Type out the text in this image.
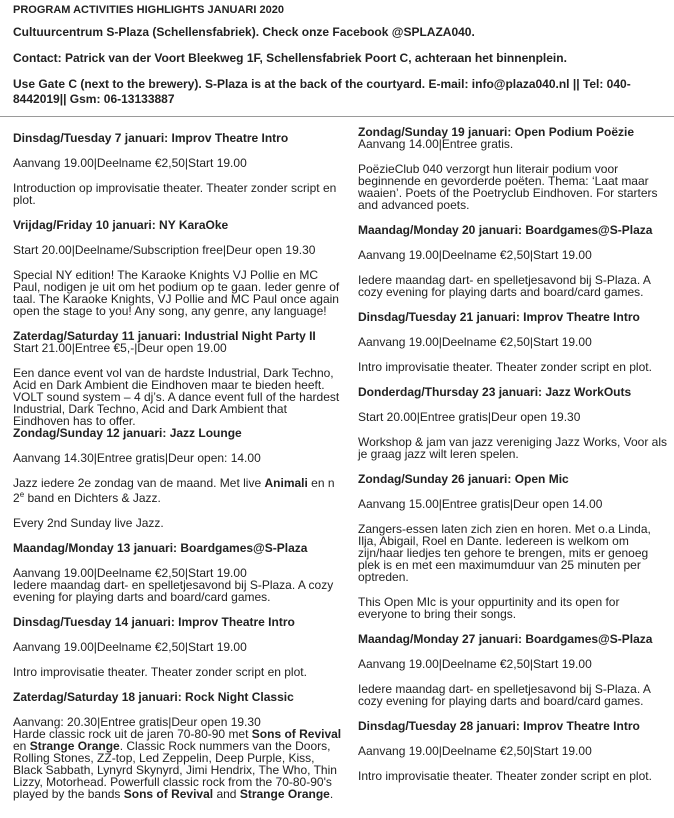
PROGRAM ACTIVITIES HIGHLIGHTS JANUARI 2020

Cultuurcentrum S-Plaza (Schellensfabriek). Check onze Facebook @SPLAZA040.

Contact: Patrick van der Voort Bleekweg 1F, Schellensfabriek Poort C, achteraan het binnenplein.

Use Gate C (next to the brewery). S-Plaza is at the back of the courtyard. E-mail: info@plaza040.nl || Tel: 040-8442019|| Gsm: 06-13133887

Dinsdag/Tuesday 7 januari: Improv Theatre Intro

Aanvang 19.00|Deelname €2,50|Start 19.00

Introduction op improvisatie theater. Theater zonder script en plot.

Vrijdag/Friday 10 januari: NY KaraOke

Start 20.00|Deelname/Subscription free|Deur open 19.30

Special NY edition! The Karaoke Knights VJ Pollie en MC Paul, nodigen je uit om het podium op te gaan. Ieder genre of taal. The Karaoke Knights, VJ Pollie and MC Paul once again open the stage to you! Any song, any genre, any language!

Zaterdag/Saturday 11 januari: Industrial Night Party II

Start 21.00|Entree €5,-|Deur open 19.00

Een dance event vol van de hardste Industrial, Dark Techno, Acid en Dark Ambient die Eindhoven maar te bieden heeft. VOLT sound system – 4 dj’s. A dance event full of the hardest Industrial, Dark Techno, Acid and Dark Ambient that Eindhoven has to offer.

Zondag/Sunday 12 januari: Jazz Lounge

Aanvang 14.30|Entree gratis|Deur open: 14.00

Jazz iedere 2e zondag van de maand. Met live Animali en n 2e band en Dichters & Jazz.

Every 2nd Sunday live Jazz.

Maandag/Monday 13 januari: Boardgames@S-Plaza

Aanvang 19.00|Deelname €2,50|Start 19.00

Iedere maandag dart- en spelletjesavond bij S-Plaza. A cozy evening for playing darts and board/card games.

Dinsdag/Tuesday 14 januari: Improv Theatre Intro

Aanvang 19.00|Deelname €2,50|Start 19.00

Intro improvisatie theater. Theater zonder script en plot.

Zaterdag/Saturday 18 januari: Rock Night Classic

Aanvang: 20.30|Entree gratis|Deur open 19.30

Harde classic rock uit de jaren 70-80-90 met Sons of Revival en Strange Orange. Classic Rock nummers van the Doors, Rolling Stones, ZZ-top, Led Zeppelin, Deep Purple, Kiss, Black Sabbath, Lynyrd Skynyrd, Jimi Hendrix, The Who, Thin Lizzy, Motorhead. Powerfull classic rock from the 70-80-90's played by the bands Sons of Revival and Strange Orange.

Zondag/Sunday 19 januari: Open Podium Poëzie

Aanvang 14.00|Entree gratis.

PoëzieClub 040 verzorgt hun literair podium voor beginnende en gevorderde poëten. Thema: ‘Laat maar waaien’. Poets of the Poetryclub Eindhoven. For starters and advanced poets.

Maandag/Monday 20 januari: Boardgames@S-Plaza

Aanvang 19.00|Deelname €2,50|Start 19.00

Iedere maandag dart- en spelletjesavond bij S-Plaza. A cozy evening for playing darts and board/card games.

Dinsdag/Tuesday 21 januari: Improv Theatre Intro

Aanvang 19.00|Deelname €2,50|Start 19.00

Intro improvisatie theater. Theater zonder script en plot.

Donderdag/Thursday 23 januari: Jazz WorkOuts

Start 20.00|Entree gratis|Deur open 19.30

Workshop & jam van jazz vereniging Jazz Works, Voor als je graag jazz wilt leren spelen.

Zondag/Sunday 26 januari: Open Mic

Aanvang 15.00|Entree gratis|Deur open 14.00

Zangers-essen laten zich zien en horen. Met o.a Linda, Ilja, Abigail, Roel en Dante. Iedereen is welkom om zijn/haar liedjes ten gehore te brengen, mits er genoeg plek is en met een maximumduur van 25 minuten per optreden.

This Open MIc is your oppurtinity and its open for everyone to bring their songs.

Maandag/Monday 27 januari: Boardgames@S-Plaza

Aanvang 19.00|Deelname €2,50|Start 19.00

Iedere maandag dart- en spelletjesavond bij S-Plaza. A cozy evening for playing darts and board/card games.

Dinsdag/Tuesday 28 januari: Improv Theatre Intro

Aanvang 19.00|Deelname €2,50|Start 19.00

Intro improvisatie theater. Theater zonder script en plot.
